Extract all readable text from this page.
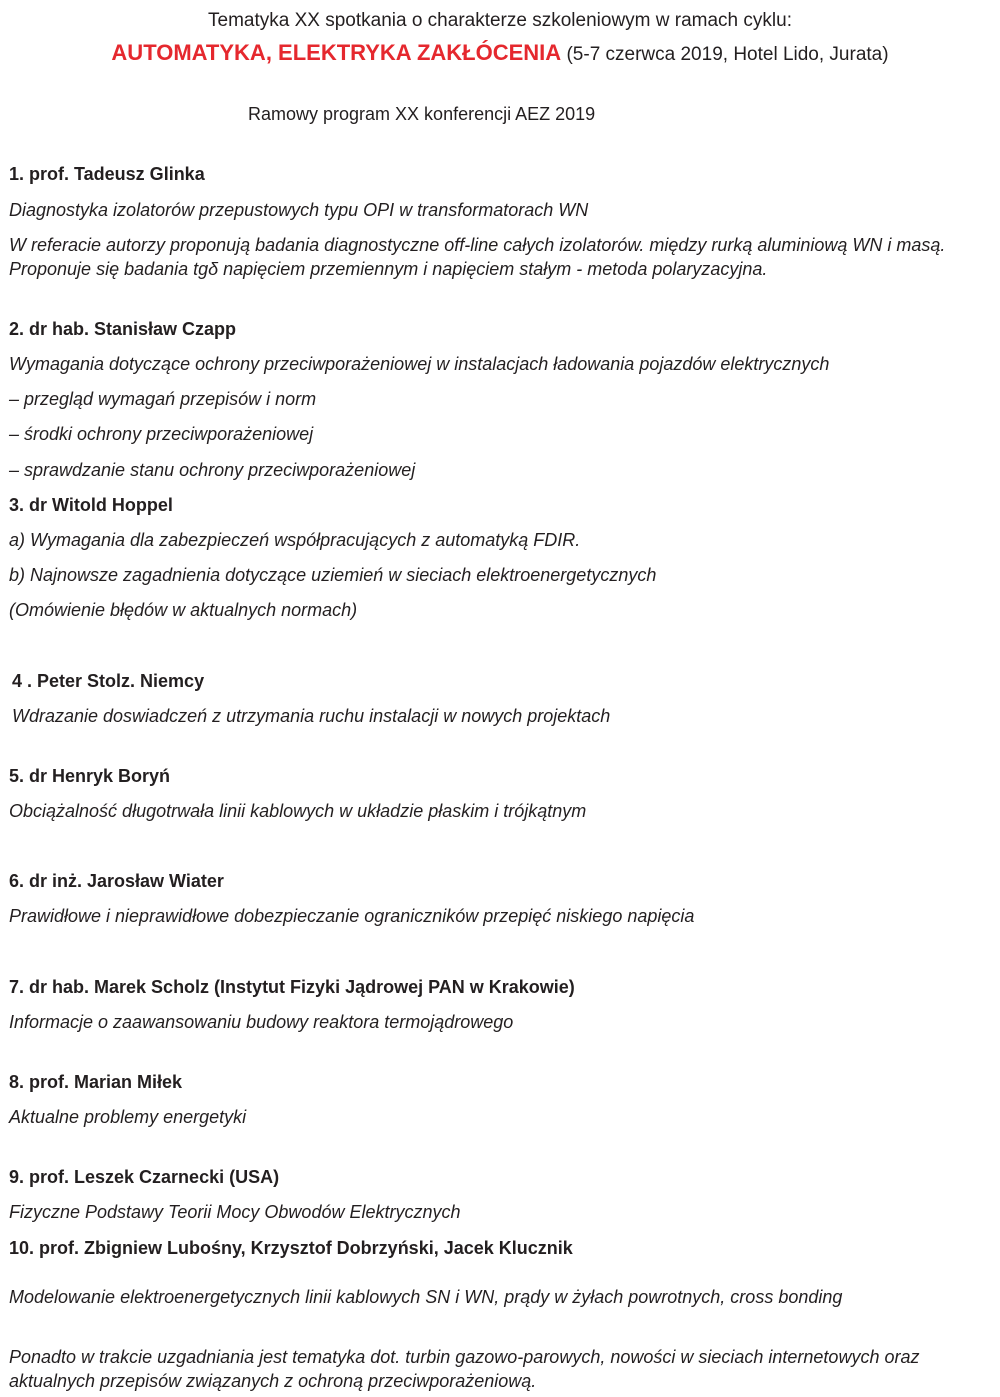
Tematyka XX spotkania o charakterze szkoleniowym w ramach cyklu:
AUTOMATYKA, ELEKTRYKA ZAKŁÓCENIA (5-7 czerwca 2019, Hotel Lido, Jurata)
Ramowy program XX konferencji AEZ 2019
1. prof. Tadeusz Glinka
Diagnostyka izolatorów przepustowych typu OPI w transformatorach WN
W referacie autorzy proponują badania diagnostyczne off-line całych izolatorów. między rurką aluminiową WN i masą.
Proponuje się badania tgδ napięciem przemiennym i napięciem stałym - metoda polaryzacyjna.
2. dr hab. Stanisław Czapp
Wymagania dotyczące ochrony przeciwporażeniowej w instalacjach ładowania pojazdów elektrycznych
– przegląd wymagań przepisów i norm
– środki ochrony przeciwporażeniowej
– sprawdzanie stanu ochrony przeciwporażeniowej
3. dr Witold Hoppel
a) Wymagania dla zabezpieczeń współpracujących z automatyką FDIR.
b) Najnowsze zagadnienia dotyczące uziemień w sieciach elektroenergetycznych
(Omówienie błędów w aktualnych normach)
4 . Peter Stolz. Niemcy
Wdrazanie doswiadczeń z utrzymania ruchu instalacji w nowych projektach
5. dr Henryk Boryń
Obciążalność długotrwała linii kablowych w układzie płaskim i trójkątnym
6. dr inż. Jarosław Wiater
Prawidłowe i nieprawidłowe dobezpieczanie ograniczników przepięć niskiego napięcia
7. dr hab. Marek Scholz (Instytut Fizyki Jądrowej PAN w Krakowie)
Informacje o zaawansowaniu budowy reaktora termojądrowego
8. prof. Marian Miłek
Aktualne problemy energetyki
9. prof. Leszek Czarnecki (USA)
Fizyczne Podstawy Teorii Mocy Obwodów Elektrycznych
10. prof. Zbigniew Lubośny, Krzysztof Dobrzyński, Jacek Klucznik
Modelowanie elektroenergetycznych linii kablowych SN i WN, prądy w żyłach powrotnych, cross bonding
Ponadto w trakcie uzgadniania jest tematyka dot. turbin gazowo-parowych, nowości w sieciach internetowych oraz
aktualnych przepisów związanych z ochroną przeciwporażeniową.
